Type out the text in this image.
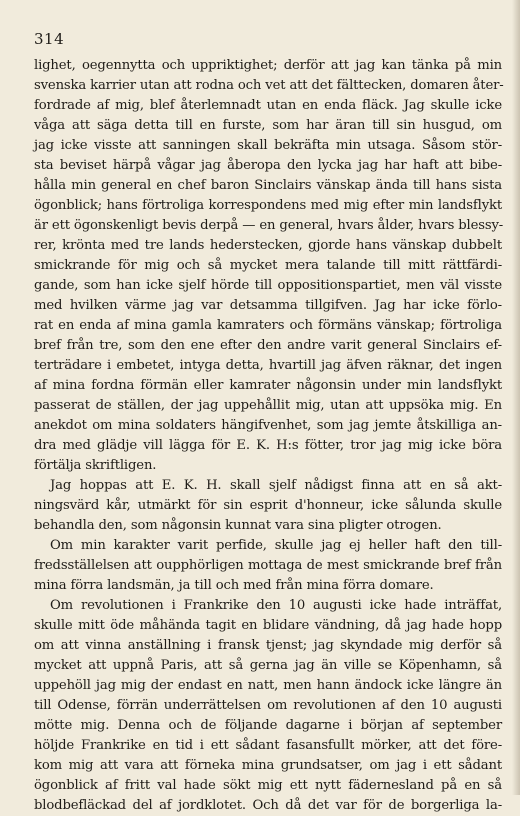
314
lighet, oegennytta och uppriktighet; derför att jag kan tänka på min
svenska karrier utan att rodna och vet att det fälttecken, domaren åter-
fordrade af mig, blef återlemnadt utan en enda fläck. Jag skulle icke
våga att säga detta till en furste, som har äran till sin husgud, om
jag icke visste att sanningen skall bekräfta min utsaga. Såsom stör-
sta beviset härpå vågar jag åberopa den lycka jag har haft att bibe-
hålla min general en chef baron Sinclairs vänskap ända till hans sista
ögonblick; hans förtroliga korrespondens med mig efter min landsflykt
är ett ögonskenligt bevis derpå — en general, hvars ålder, hvars blessy-
rer, krönta med tre lands hederstecken, gjorde hans vänskap dubbelt
smickrande för mig och så mycket mera talande till mitt rättfärdi-
gande, som han icke sjelf hörde till oppositionspartiet, men väl visste
med hvilken värme jag var detsamma tillgifven. Jag har icke förlo-
rat en enda af mina gamla kamraters och förmäns vänskap; förtroliga
bref från tre, som den ene efter den andre varit general Sinclairs ef-
terträdare i embetet, intyga detta, hvartill jag äfven räknar, det ingen
af mina fordna förmän eller kamrater någonsin under min landsflykt
passerat de ställen, der jag uppehållit mig, utan att uppsöka mig. En
anekdot om mina soldaters hängifvenhet, som jag jemte åtskilliga an-
dra med glädje vill lägga för E. K. H:s fötter, tror jag mig icke böra
förtälja skriftligen.
Jag hoppas att E. K. H. skall sjelf nådigst finna att en så akt-
ningsvärd kår, utmärkt för sin esprit d'honneur, icke sålunda skulle
behandla den, som någonsin kunnat vara sina pligter otrogen.
Om min karakter varit perfide, skulle jag ej heller haft den till-
fredsställelsen att oupphörligen mottaga de mest smickrande bref från
mina förra landsmän, ja till och med från mina förra domare.
Om revolutionen i Frankrike den 10 augusti icke hade inträffat,
skulle mitt öde måhända tagit en blidare vändning, då jag hade hopp
om att vinna anställning i fransk tjenst; jag skyndade mig derför så
mycket att uppnå Paris, att så gerna jag än ville se Köpenhamn, så
uppehöll jag mig der endast en natt, men hann ändock icke längre än
till Odense, förrän underrättelsen om revolutionen af den 10 augusti
mötte mig. Denna och de följande dagarne i början af september
höljde Frankrike en tid i ett sådant fasansfullt mörker, att det före-
kom mig att vara att förneka mina grundsatser, om jag i ett sådant
ögonblick af fritt val hade sökt mig ett nytt fädernesland på en så
blodbefläckad del af jordklotet. Och då det var för de borgerliga la-
